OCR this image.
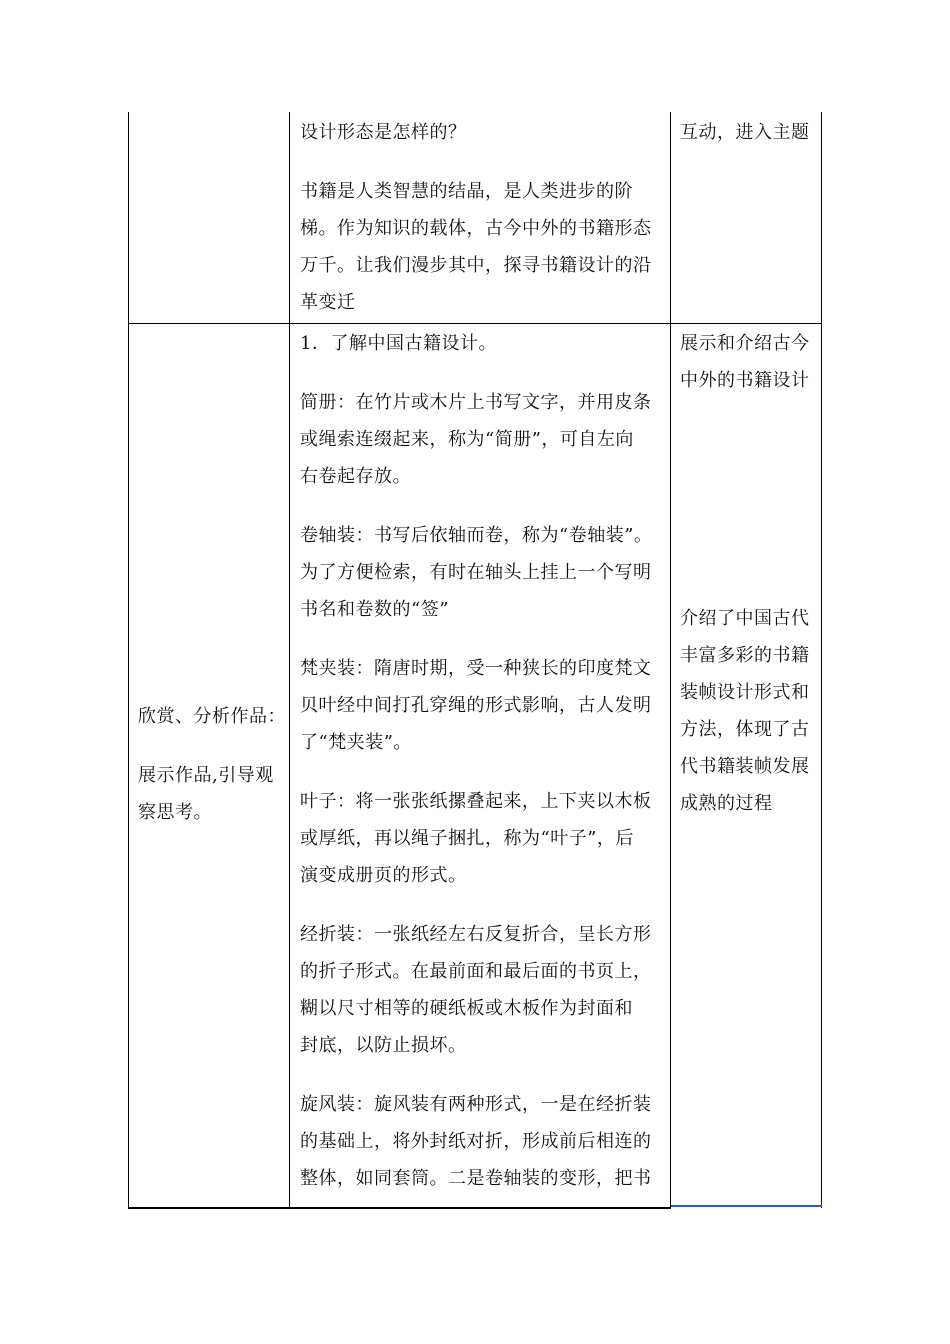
设计形态是怎样的？

书籍是人类智慧的结晶，是人类进步的阶

梯。作为知识的载体，古今中外的书籍形态

万千。让我们漫步其中，探寻书籍设计的沿

革变迁

互动，进入主题

欣赏、分析作品：

展示作品,引导观

察思考。

1．了解中国古籍设计。

简册：在竹片或木片上书写文字，并用皮条

或绳索连缀起来，称为“简册”，可自左向

右卷起存放。

卷轴装：书写后依轴而卷，称为“卷轴装”。

为了方便检索，有时在轴头上挂上一个写明

书名和卷数的“签”

梵夹装：隋唐时期，受一种狭长的印度梵文

贝叶经中间打孔穿绳的形式影响，古人发明

了“梵夹装”。

叶子：将一张张纸摞叠起来，上下夹以木板

或厚纸，再以绳子捆扎，称为“叶子”，后

演变成册页的形式。

经折装：一张纸经左右反复折合，呈长方形

的折子形式。在最前面和最后面的书页上，

糊以尺寸相等的硬纸板或木板作为封面和

封底，以防止损坏。

旋风装：旋风装有两种形式，一是在经折装

的基础上，将外封纸对折，形成前后相连的

整体，如同套筒。二是卷轴装的变形，把书

展示和介绍古今

中外的书籍设计

介绍了中国古代

丰富多彩的书籍

装帧设计形式和

方法，体现了古

代书籍装帧发展

成熟的过程
